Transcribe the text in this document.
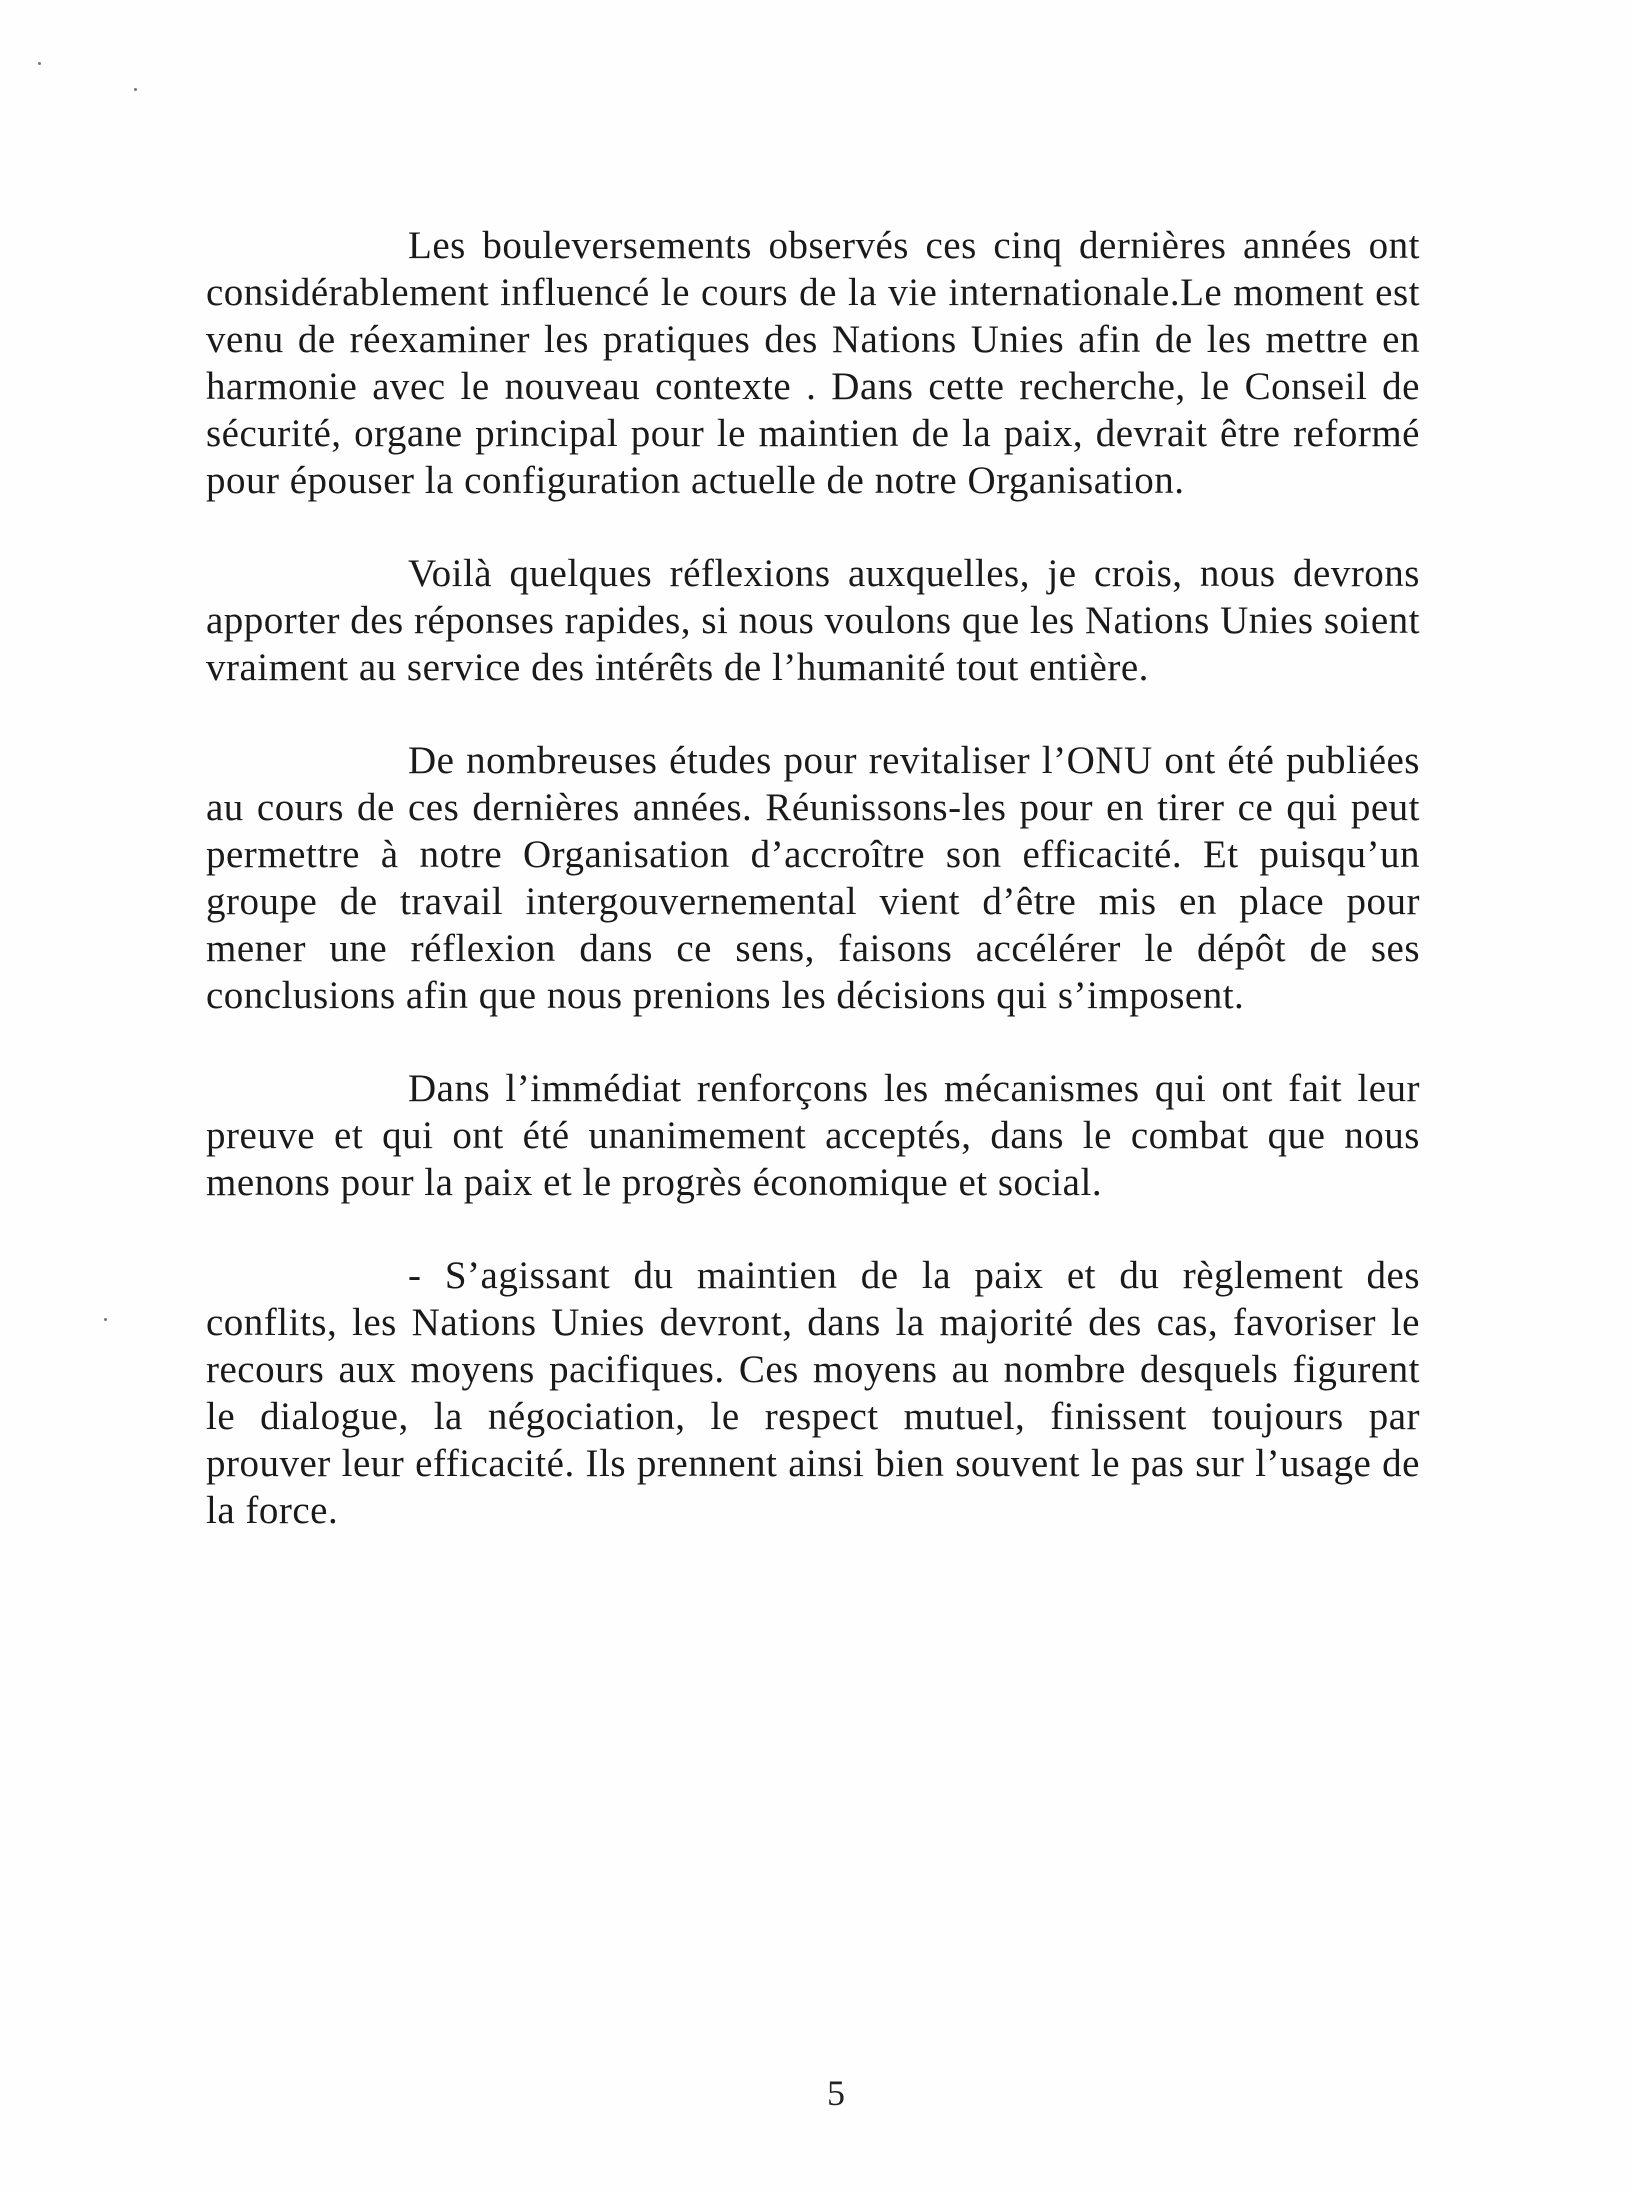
Les bouleversements observés ces cinq dernières années ont considérablement influencé le cours de la vie internationale.Le moment est venu de réexaminer les pratiques des Nations Unies afin de les mettre en harmonie avec le nouveau contexte . Dans cette recherche, le Conseil de sécurité, organe principal pour le maintien de la paix, devrait être reformé pour épouser la configuration actuelle de notre Organisation.

Voilà quelques réflexions auxquelles, je crois, nous devrons apporter des réponses rapides, si nous voulons que les Nations Unies soient vraiment au service des intérêts de l’humanité tout entière.

De nombreuses études pour revitaliser l’ONU ont été publiées au cours de ces dernières années. Réunissons-les pour en tirer ce qui peut permettre à notre Organisation d’accroître son efficacité. Et puisqu’un groupe de travail intergouvernemental vient d’être mis en place pour mener une réflexion dans ce sens, faisons accélérer le dépôt de ses conclusions afin que nous prenions les décisions qui s’imposent.

Dans l’immédiat renforçons les mécanismes qui ont fait leur preuve et qui ont été unanimement acceptés, dans le combat que nous menons pour la paix et le progrès économique et social.

- S’agissant du maintien de la paix et du règlement des conflits, les Nations Unies devront, dans la majorité des cas, favoriser le recours aux moyens pacifiques. Ces moyens au nombre desquels figurent le dialogue, la négociation, le respect mutuel, finissent toujours par prouver leur efficacité. Ils prennent ainsi bien souvent le pas sur l’usage de la force.

5
